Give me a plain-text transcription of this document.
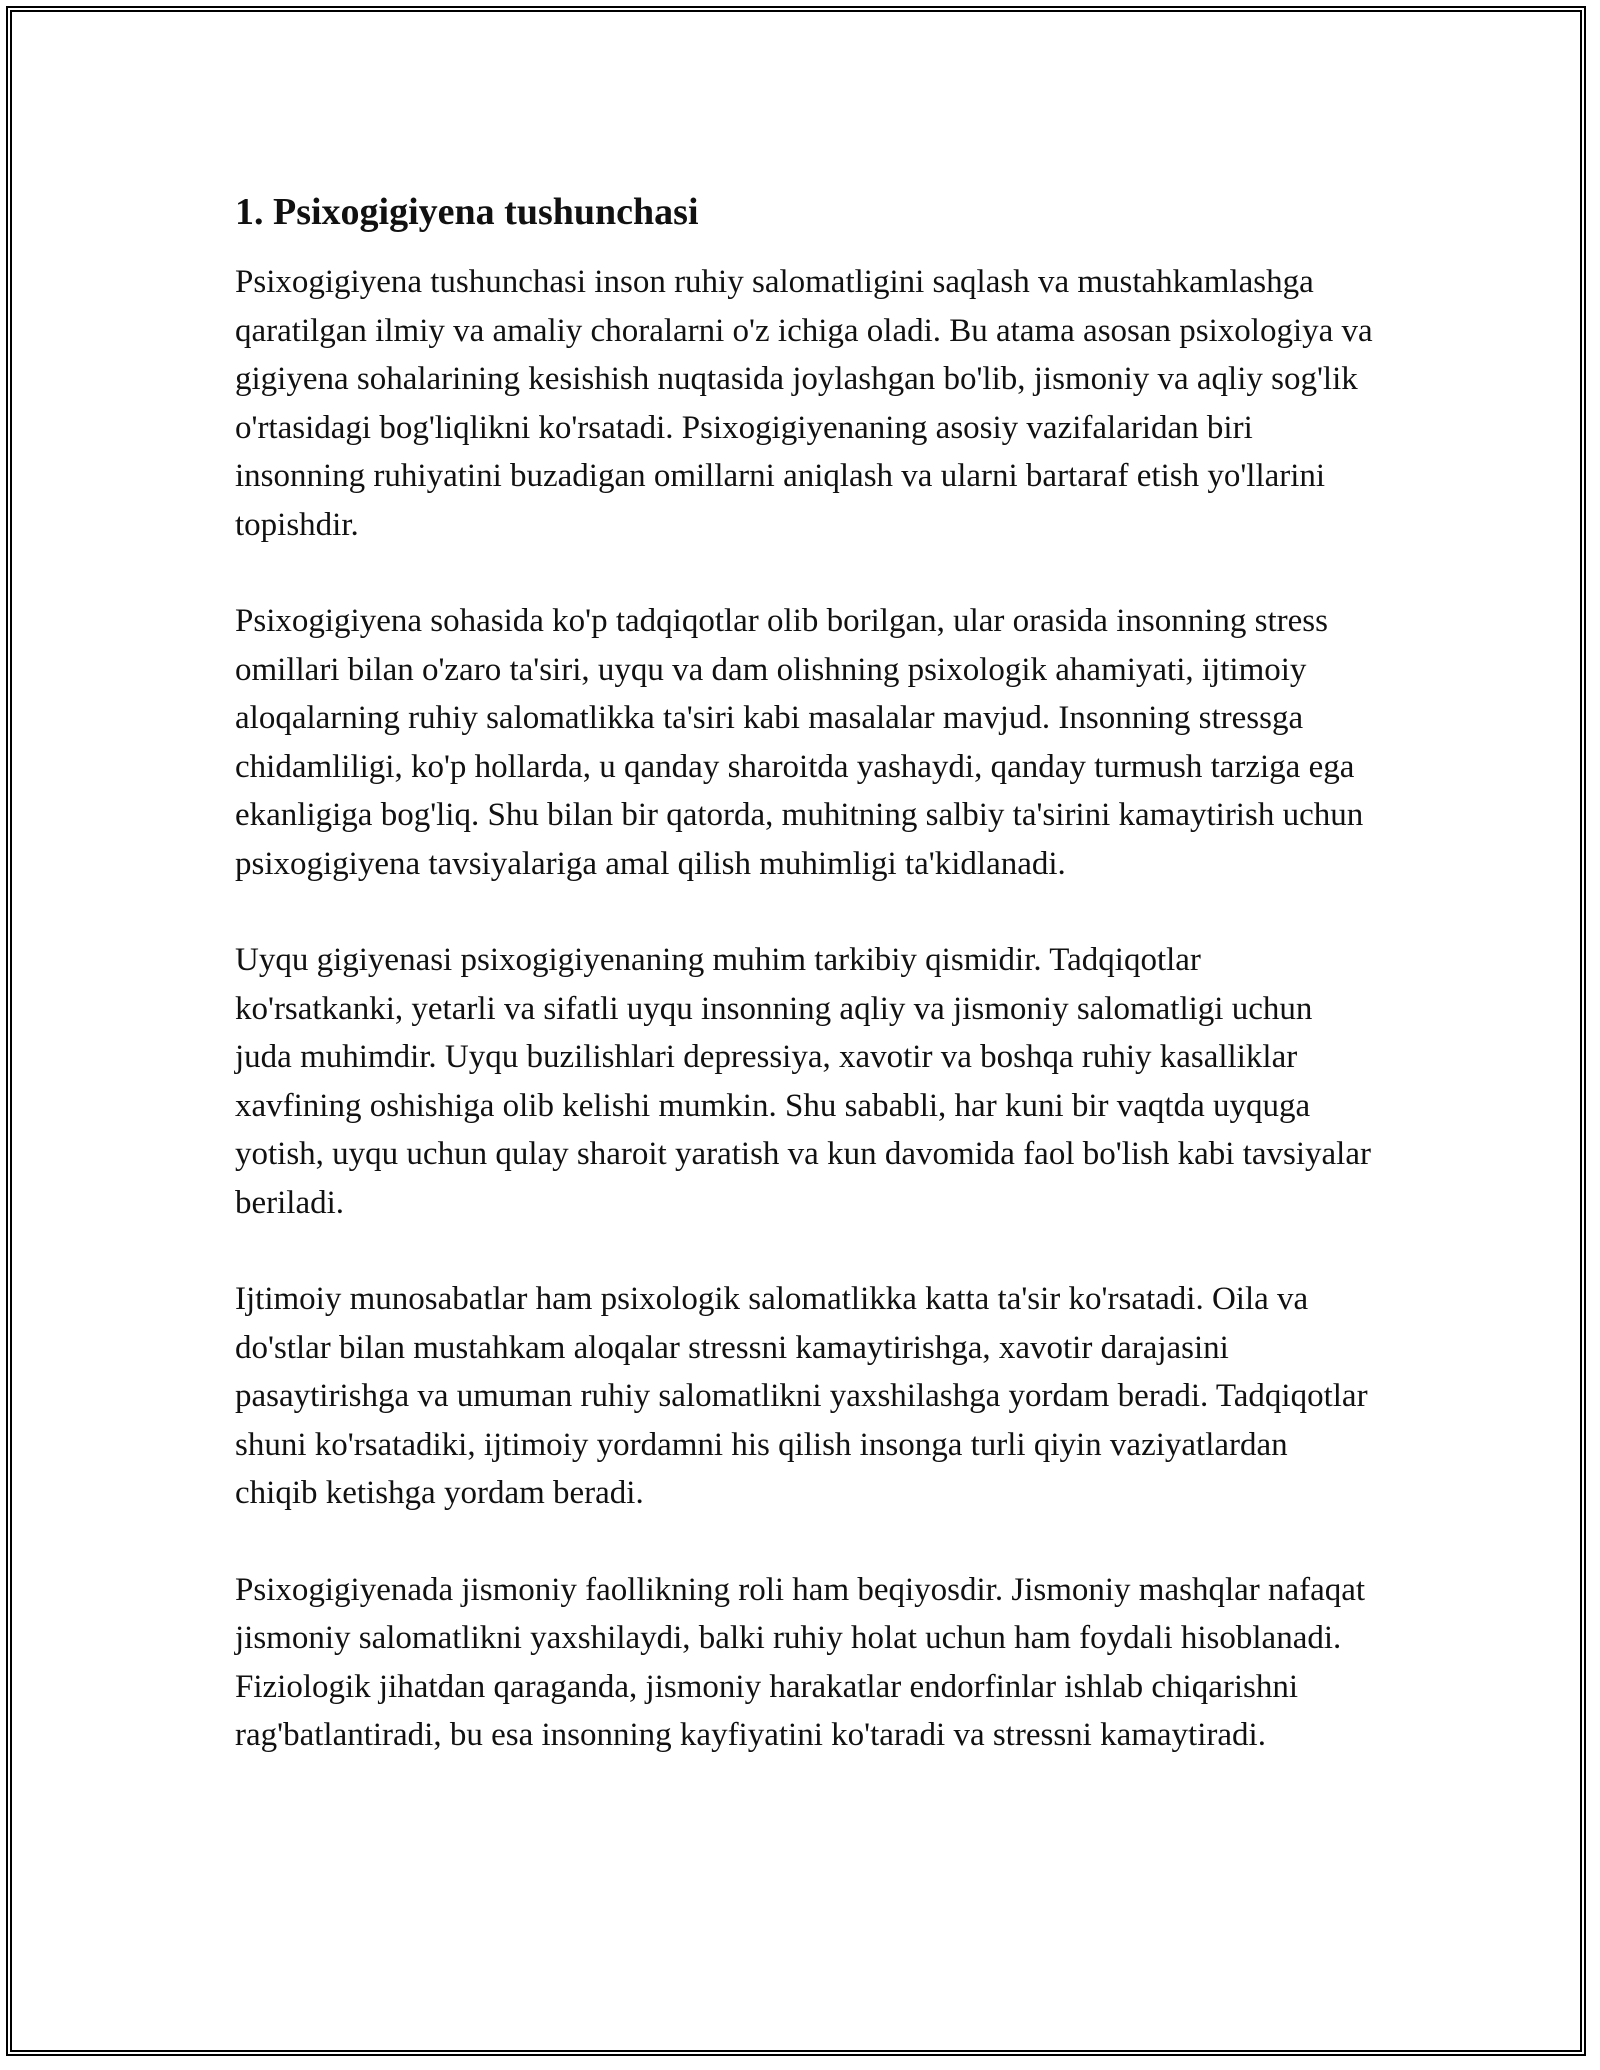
1. Psixogigiyena tushunchasi

Psixogigiyena tushunchasi inson ruhiy salomatligini saqlash va mustahkamlashga qaratilgan ilmiy va amaliy choralarni o'z ichiga oladi. Bu atama asosan psixologiya va gigiyena sohalarining kesishish nuqtasida joylashgan bo'lib, jismoniy va aqliy sog'lik o'rtasidagi bog'liqlikni ko'rsatadi. Psixogigiyenaning asosiy vazifalaridan biri insonning ruhiyatini buzadigan omillarni aniqlash va ularni bartaraf etish yo'llarini topishdir.

Psixogigiyena sohasida ko'p tadqiqotlar olib borilgan, ular orasida insonning stress omillari bilan o'zaro ta'siri, uyqu va dam olishning psixologik ahamiyati, ijtimoiy aloqalarning ruhiy salomatlikka ta'siri kabi masalalar mavjud. Insonning stressga chidamliligi, ko'p hollarda, u qanday sharoitda yashaydi, qanday turmush tarziga ega ekanligiga bog'liq. Shu bilan bir qatorda, muhitning salbiy ta'sirini kamaytirish uchun psixogigiyena tavsiyalariga amal qilish muhimligi ta'kidlanadi.

Uyqu gigiyenasi psixogigiyenaning muhim tarkibiy qismidir. Tadqiqotlar ko'rsatkanki, yetarli va sifatli uyqu insonning aqliy va jismoniy salomatligi uchun juda muhimdir. Uyqu buzilishlari depressiya, xavotir va boshqa ruhiy kasalliklar xavfining oshishiga olib kelishi mumkin. Shu sababli, har kuni bir vaqtda uyquga yotish, uyqu uchun qulay sharoit yaratish va kun davomida faol bo'lish kabi tavsiyalar beriladi.

Ijtimoiy munosabatlar ham psixologik salomatlikka katta ta'sir ko'rsatadi. Oila va do'stlar bilan mustahkam aloqalar stressni kamaytirishga, xavotir darajasini pasaytirishga va umuman ruhiy salomatlikni yaxshilashga yordam beradi. Tadqiqotlar shuni ko'rsatadiki, ijtimoiy yordamni his qilish insonga turli qiyin vaziyatlardan chiqib ketishga yordam beradi.

Psixogigiyenada jismoniy faollikning roli ham beqiyosdir. Jismoniy mashqlar nafaqat jismoniy salomatlikni yaxshilaydi, balki ruhiy holat uchun ham foydali hisoblanadi. Fiziologik jihatdan qaraganda, jismoniy harakatlar endorfinlar ishlab chiqarishni rag'batlantiradi, bu esa insonning kayfiyatini ko'taradi va stressni kamaytiradi.
